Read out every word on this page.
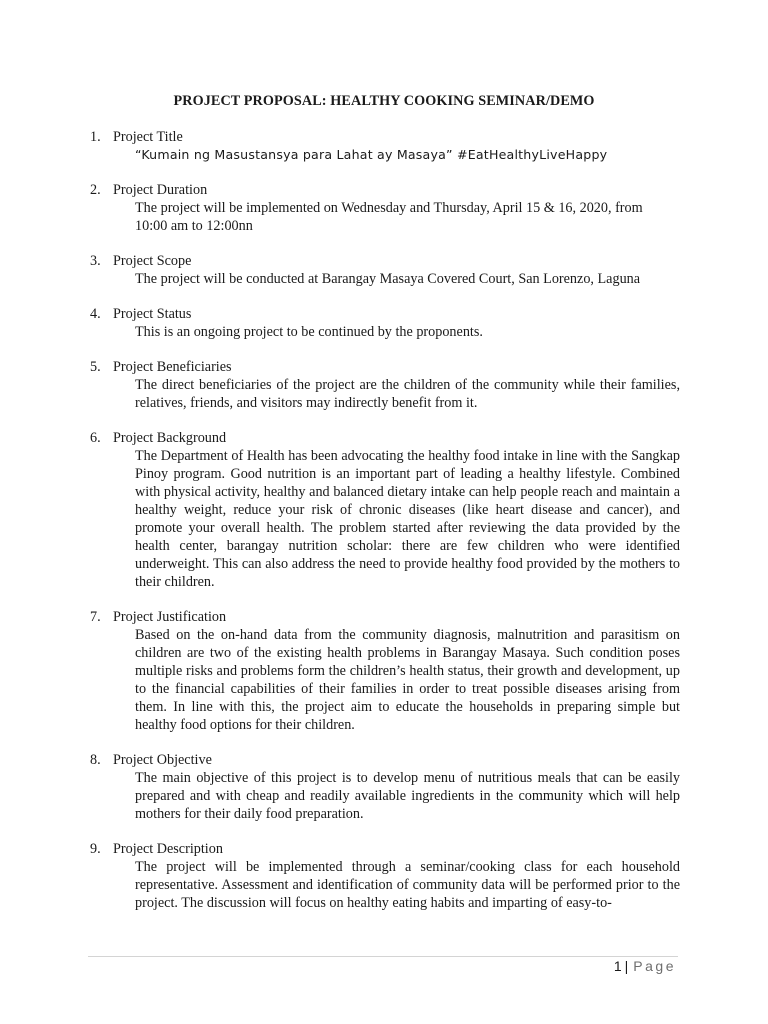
PROJECT PROPOSAL: HEALTHY COOKING SEMINAR/DEMO
1. Project Title
“Kumain ng Masustansya para Lahat ay Masaya” #EatHealthyLiveHappy
2. Project Duration
The project will be implemented on Wednesday and Thursday, April 15 & 16, 2020, from 10:00 am to 12:00nn
3. Project Scope
The project will be conducted at Barangay Masaya Covered Court, San Lorenzo, Laguna
4. Project Status
This is an ongoing project to be continued by the proponents.
5. Project Beneficiaries
The direct beneficiaries of the project are the children of the community while their families, relatives, friends, and visitors may indirectly benefit from it.
6. Project Background
The Department of Health has been advocating the healthy food intake in line with the Sangkap Pinoy program. Good nutrition is an important part of leading a healthy lifestyle. Combined with physical activity, healthy and balanced dietary intake can help people reach and maintain a healthy weight, reduce your risk of chronic diseases (like heart disease and cancer), and promote your overall health. The problem started after reviewing the data provided by the health center, barangay nutrition scholar: there are few children who were identified underweight. This can also address the need to provide healthy food provided by the mothers to their children.
7. Project Justification
Based on the on-hand data from the community diagnosis, malnutrition and parasitism on children are two of the existing health problems in Barangay Masaya. Such condition poses multiple risks and problems form the children’s health status, their growth and development, up to the financial capabilities of their families in order to treat possible diseases arising from them. In line with this, the project aim to educate the households in preparing simple but healthy food options for their children.
8. Project Objective
The main objective of this project is to develop menu of nutritious meals that can be easily prepared and with cheap and readily available ingredients in the community which will help mothers for their daily food preparation.
9. Project Description
The project will be implemented through a seminar/cooking class for each household representative. Assessment and identification of community data will be performed prior to the project. The discussion will focus on healthy eating habits and imparting of easy-to-
1 | Page
